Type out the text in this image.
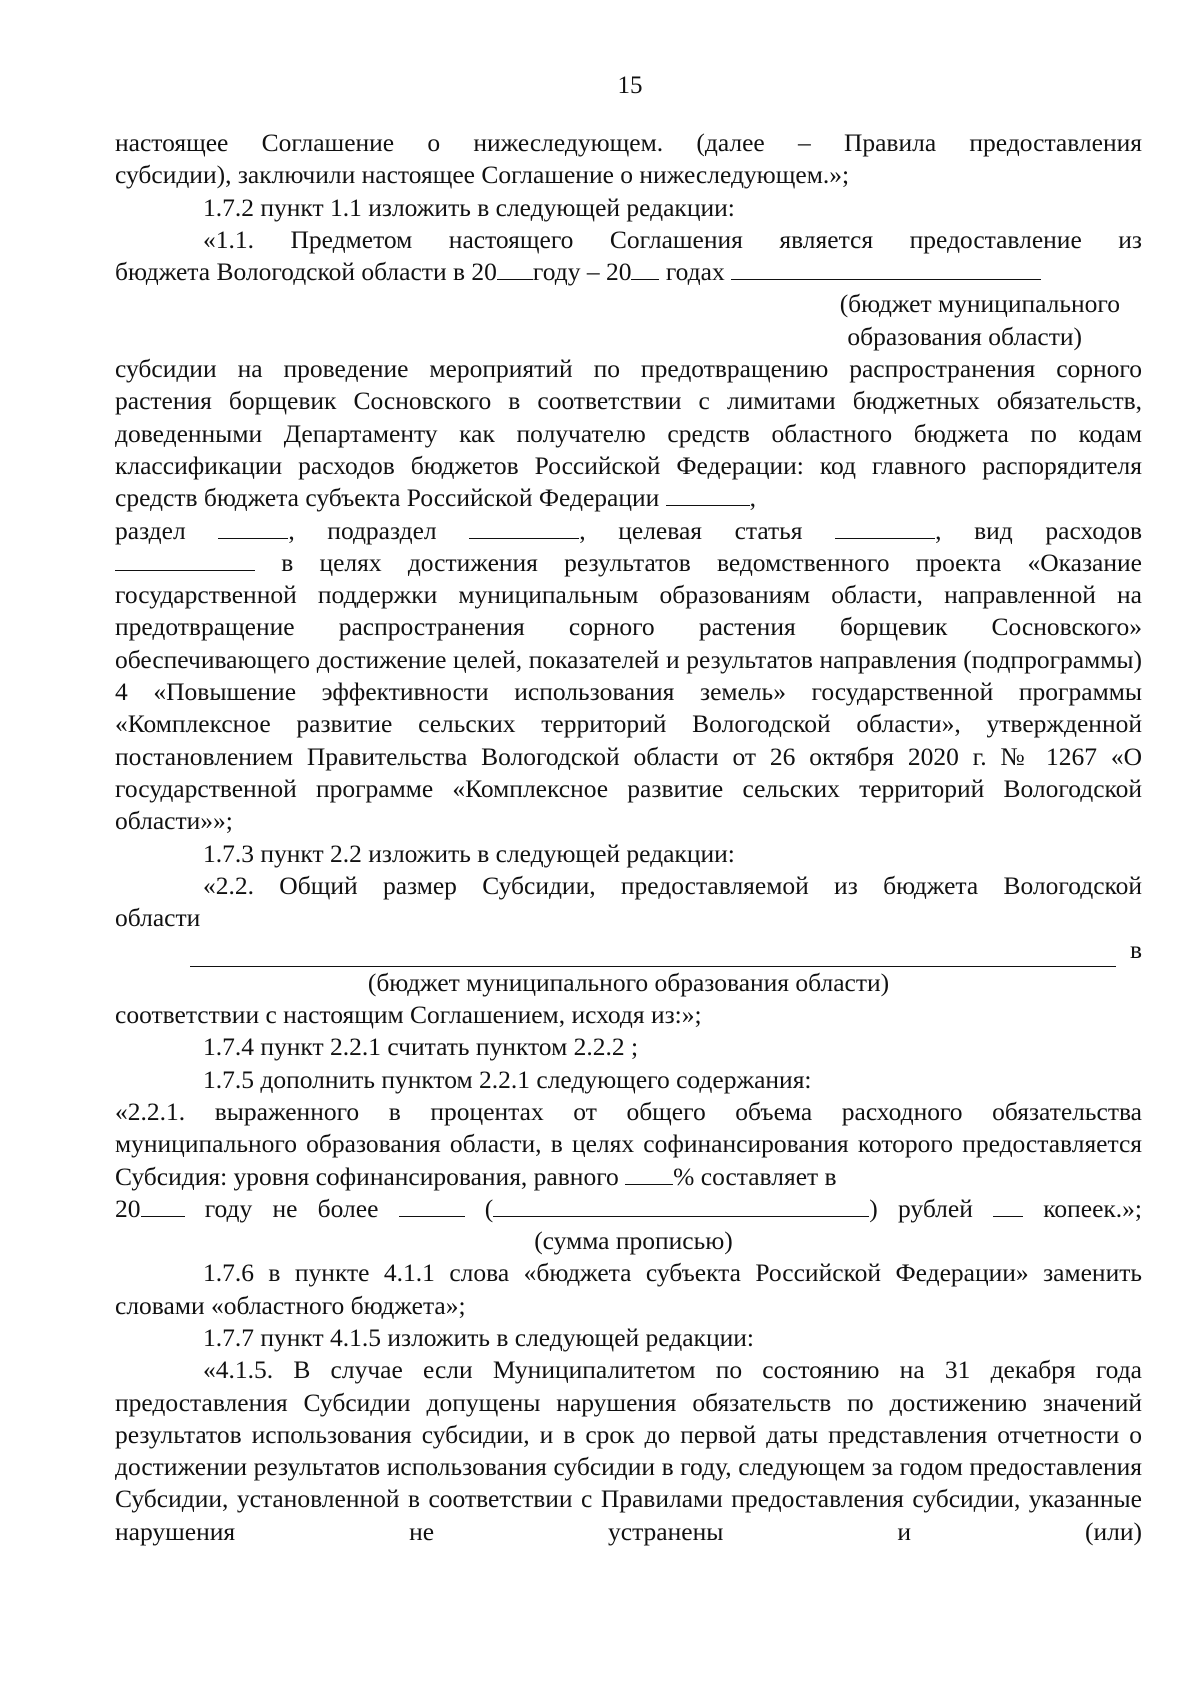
15

настоящее Соглашение о нижеследующем. (далее – Правила предоставления

субсидии), заключили настоящее Соглашение о нижеследующем.»;

1.7.2 пункт 1.1 изложить в следующей редакции:

«1.1. Предметом настоящего Соглашения является предоставление из

бюджета Вологодской области в 20 году – 20 годах

(бюджет муниципального

образования области)

субсидии на проведение мероприятий по предотвращению распространения сорного растения борщевик Сосновского в соответствии с лимитами бюджетных обязательств, доведенными Департаменту как получателю средств областного бюджета по кодам классификации расходов бюджетов Российской Федерации: код главного распорядителя средств бюджета субъекта Российской Федерации	,

раздел	, подраздел	, целевая статья	, вид расходов

в целях достижения результатов ведомственного проекта «Оказание государственной поддержки муниципальным образованиям области, направленной на предотвращение распространения сорного растения борщевик Сосновского» обеспечивающего достижение целей, показателей и результатов направления (подпрограммы) 4 «Повышение эффективности использования земель» государственной программы «Комплексное развитие сельских территорий Вологодской области», утвержденной постановлением Правительства Вологодской области от 26 октября 2020 г. № 1267 «О государственной программе «Комплексное развитие сельских территорий Вологодской области»»;

1.7.3 пункт 2.2 изложить в следующей редакции:

«2.2. Общий размер Субсидии, предоставляемой из бюджета Вологодской

области

в

(бюджет муниципального образования области)

соответствии с настоящим Соглашением, исходя из:»;

1.7.4 пункт 2.2.1 считать пунктом 2.2.2 ;

1.7.5 дополнить пунктом 2.2.1 следующего содержания:

«2.2.1. выраженного в процентах от общего объема расходного обязательства муниципального образования области, в целях софинансирования которого предоставляется Субсидия: уровня софинансирования, равного % составляет в

20	году не более	(	) рублей	копеек.»;

(сумма прописью)

1.7.6 в пункте 4.1.1 слова «бюджета субъекта Российской Федерации» заменить словами «областного бюджета»;

1.7.7 пункт 4.1.5 изложить в следующей редакции:

«4.1.5. В случае если Муниципалитетом по состоянию на 31 декабря года предоставления Субсидии допущены нарушения обязательств по достижению значений результатов использования субсидии, и в срок до первой даты представления отчетности о достижении результатов использования субсидии в году, следующем за годом предоставления Субсидии, установленной в соответствии с Правилами предоставления субсидии, указанные нарушения не устранены и (или)
